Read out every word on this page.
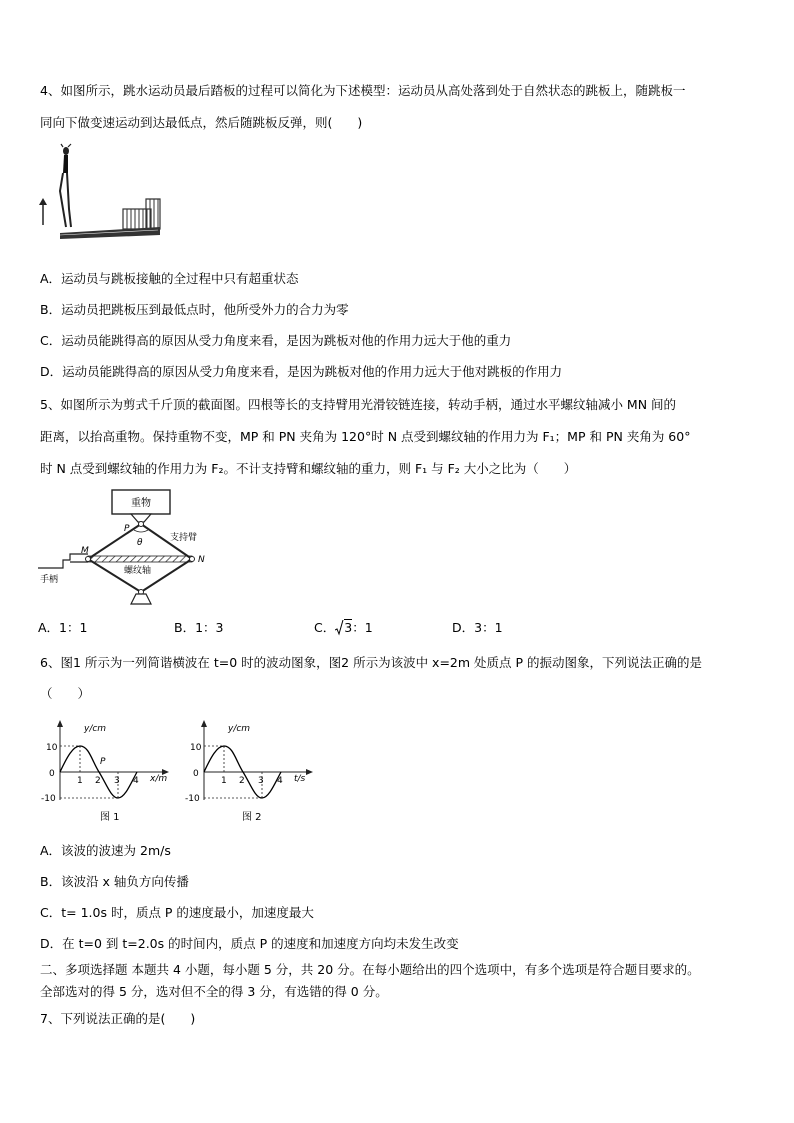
4、如图所示，跳水运动员最后踏板的过程可以简化为下述模型：运动员从高处落到处于自然状态的跳板上，随跳板一
同向下做变速运动到达最低点，然后随跳板反弹，则(　　)
A．运动员与跳板接触的全过程中只有超重状态
B．运动员把跳板压到最低点时，他所受外力的合力为零
C．运动员能跳得高的原因从受力角度来看，是因为跳板对他的作用力远大于他的重力
D．运动员能跳得高的原因从受力角度来看，是因为跳板对他的作用力远大于他对跳板的作用力
5、如图所示为剪式千斤顶的截面图。四根等长的支持臂用光滑铰链连接，转动手柄，通过水平螺纹轴减小 MN 间的
距离，以抬高重物。保持重物不变，MP 和 PN 夹角为 120°时 N 点受到螺纹轴的作用力为 F₁；MP 和 PN 夹角为 60°
时 N 点受到螺纹轴的作用力为 F₂。不计支持臂和螺纹轴的重力，则 F₁ 与 F₂ 大小之比为（　　）
重物
P
θ	支持臂
M
N
螺纹轴
手柄
A．1：1	B．1：3	C． 3：1	D．3：1
6、图1 所示为一列简谐横波在 t=0 时的波动图象，图2 所示为该波中 x=2m 处质点 P 的振动图象，下列说法正确的是
（　　）
y/cm
10
0
-10
1 2 3 4 x/m
P
图 1
y/cm
10
0
-10
1 2 3 4 t/s
图 2
A．该波的波速为 2m/s
B．该波沿 x 轴负方向传播
C．t= 1.0s 时，质点 P 的速度最小，加速度最大
D．在 t=0 到 t=2.0s 的时间内，质点 P 的速度和加速度方向均未发生改变
二、多项选择题 本题共 4 小题，每小题 5 分，共 20 分。在每小题给出的四个选项中，有多个选项是符合题目要求的。
全部选对的得 5 分，选对但不全的得 3 分，有选错的得 0 分。
7、下列说法正确的是(　　)
